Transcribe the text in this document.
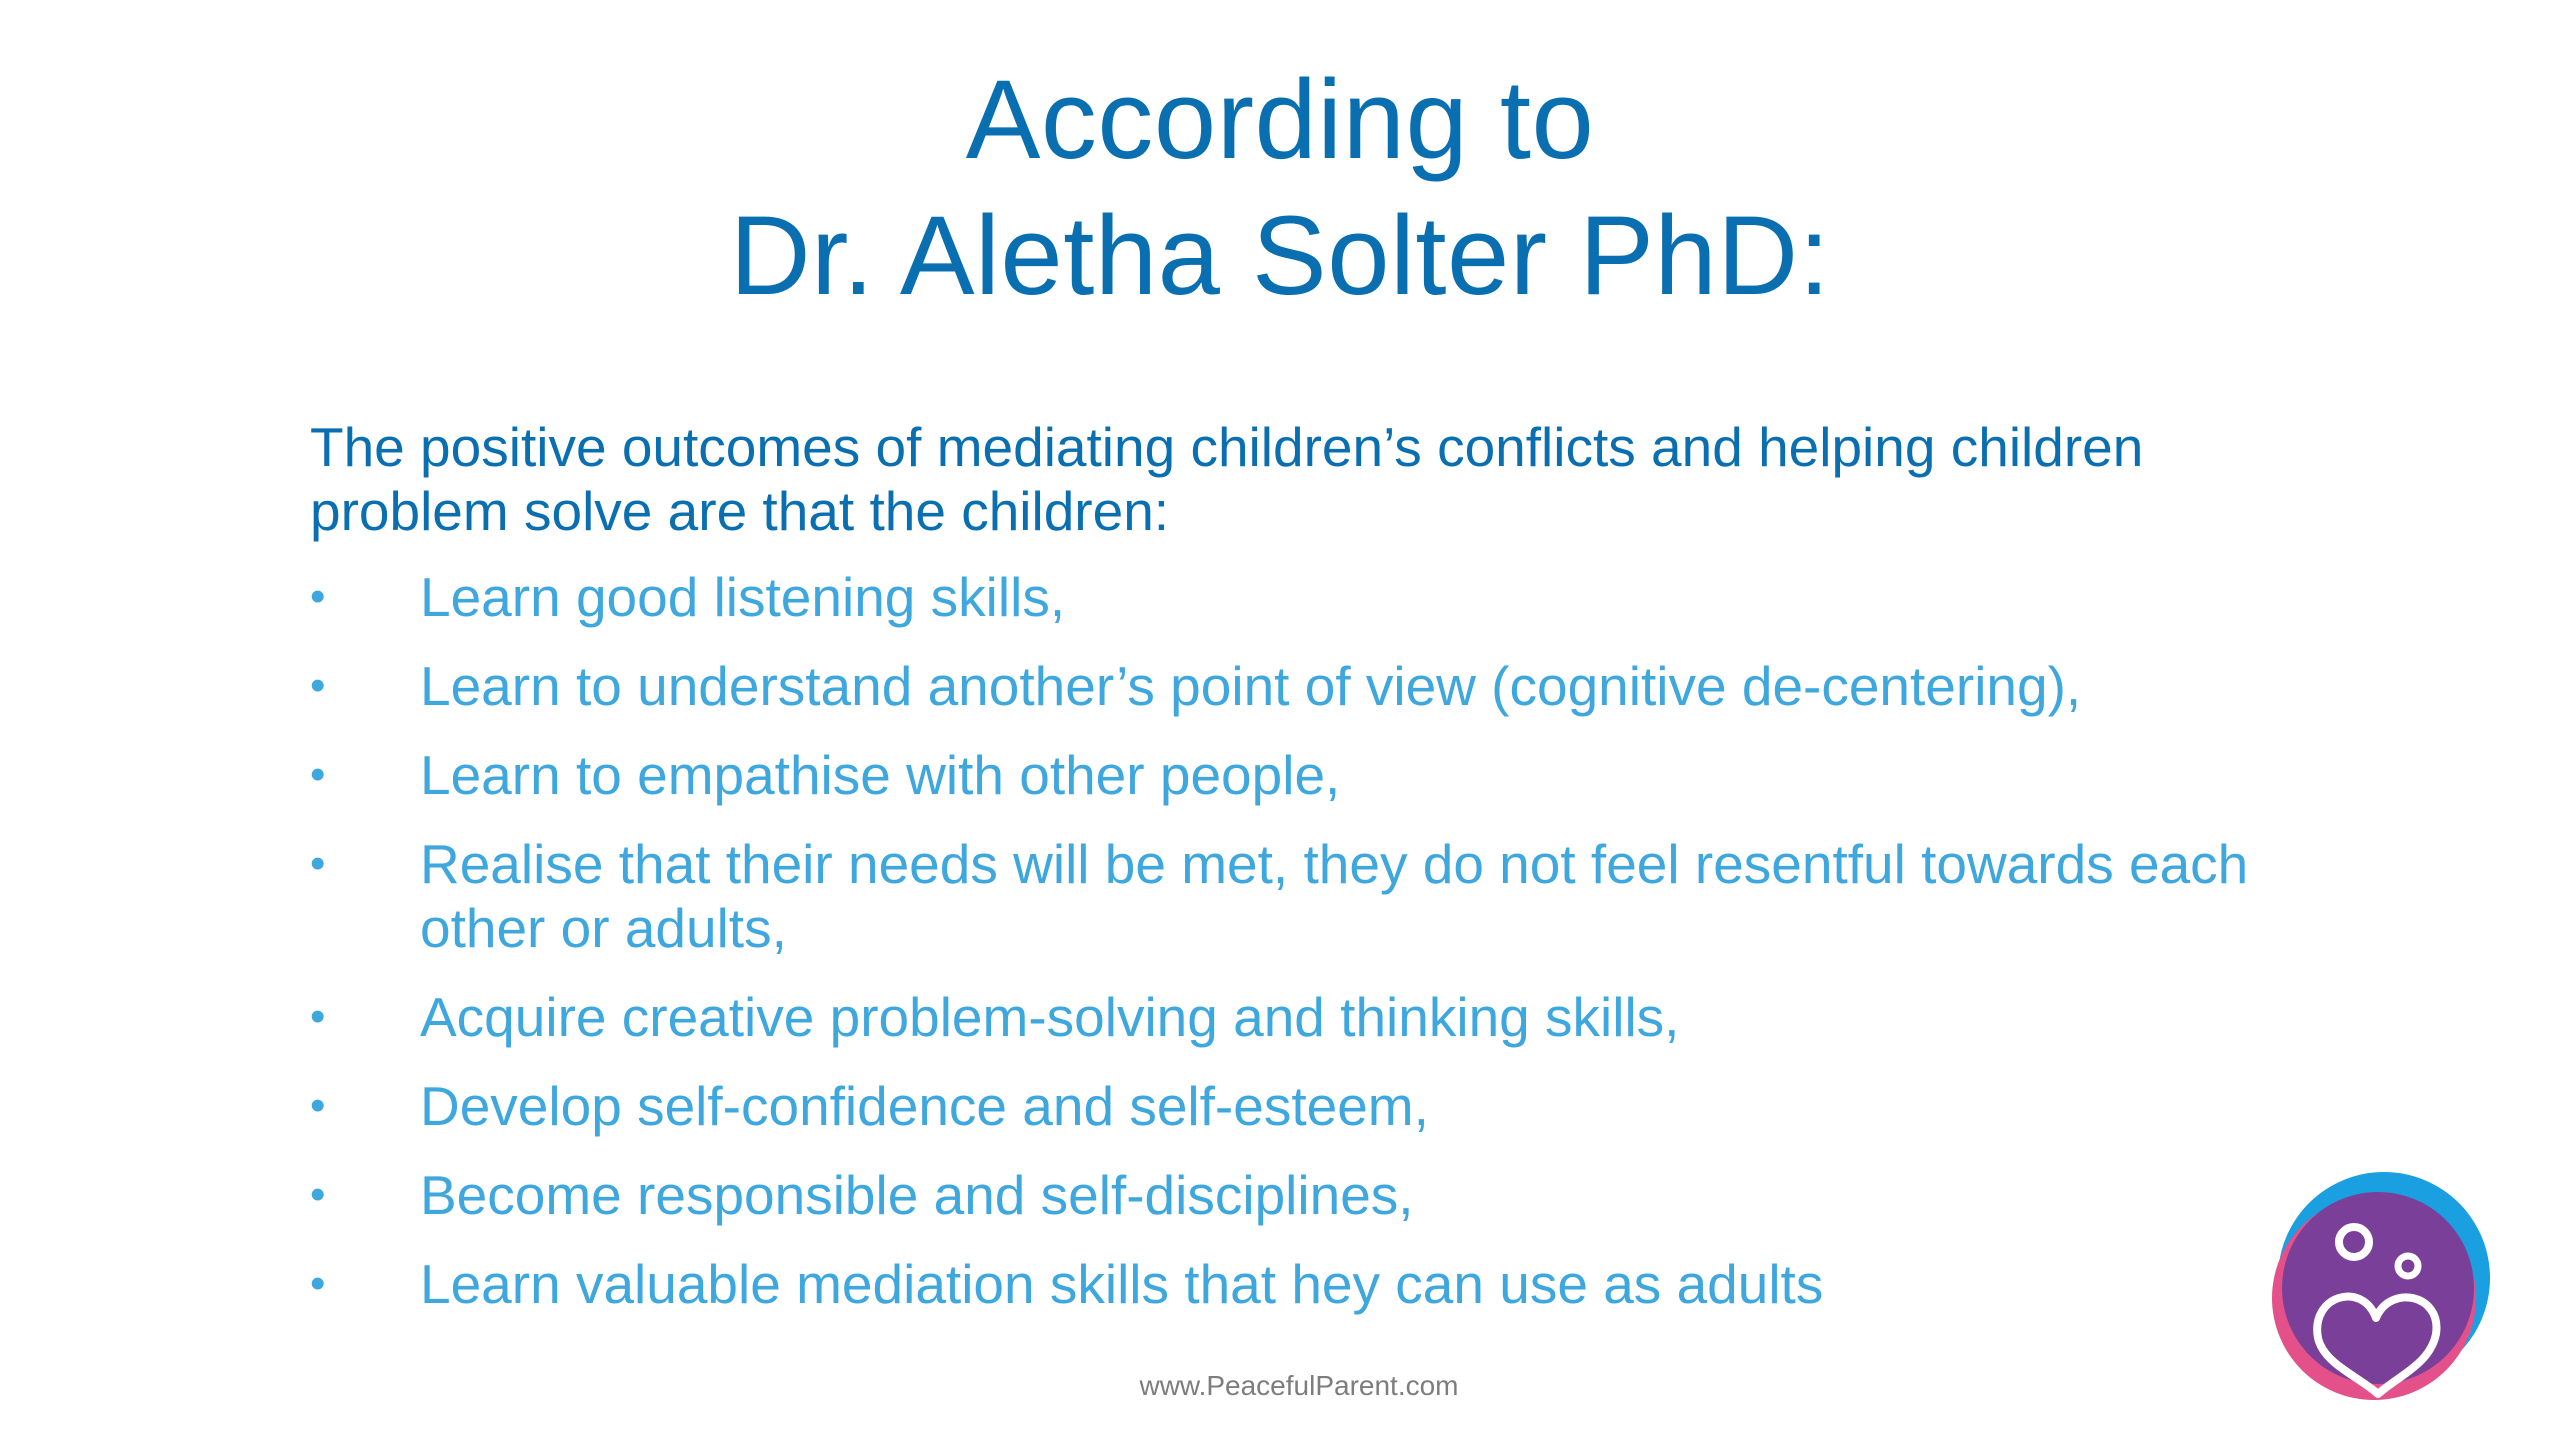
According to
Dr. Aletha Solter PhD:
The positive outcomes of mediating children’s conflicts and helping children problem solve are that the children:
•	Learn good listening skills,
•	Learn to understand another’s point of view (cognitive de-centering),
•	Learn to empathise with other people,
•	Realise that their needs will be met, they do not feel resentful towards each other or adults,
•	Acquire creative problem-solving and thinking skills,
•	Develop self-confidence and self-esteem,
•	Become responsible and self-disciplines,
•	Learn valuable mediation skills that hey can use as adults
www.PeacefulParent.com
